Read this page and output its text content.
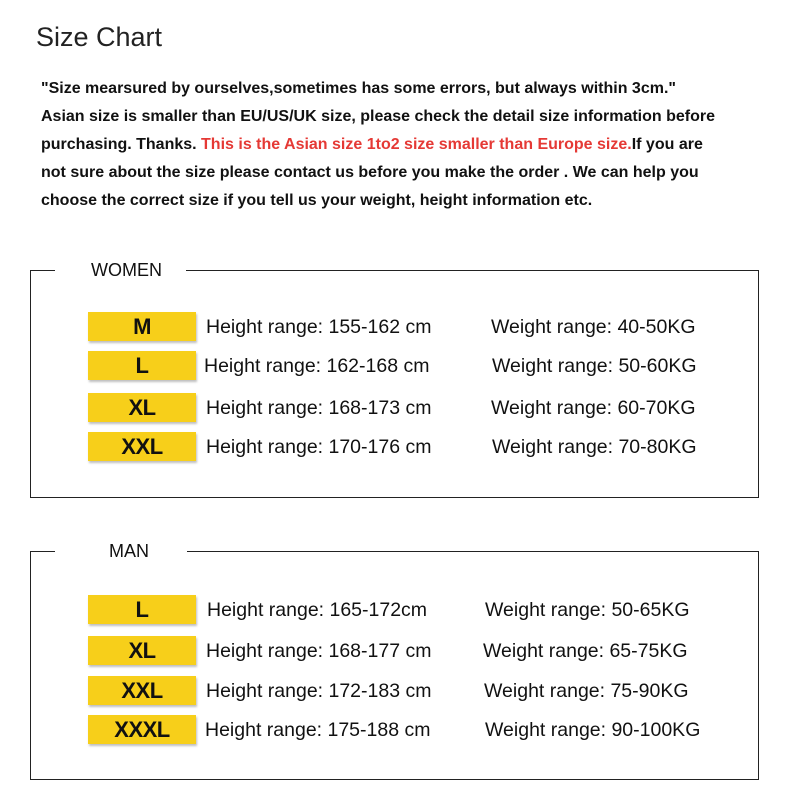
Size Chart
"Size mearsured by ourselves,sometimes has some errors, but always within 3cm."
Asian size is smaller than EU/US/UK size, please check the detail size information before
purchasing. Thanks. This is the Asian size 1to2 size smaller than Europe size.If you are
not sure about the size please contact us before you make the order . We can help you
choose the correct size if you tell us your weight, height information etc.
WOMEN
M	Height range: 155-162 cm	Weight range: 40-50KG
L	Height range: 162-168 cm	Weight range: 50-60KG
XL	Height range: 168-173 cm	Weight range: 60-70KG
XXL	Height range: 170-176 cm	Weight range: 70-80KG
MAN
L	Height range: 165-172cm	Weight range: 50-65KG
XL	Height range: 168-177 cm	Weight range: 65-75KG
XXL	Height range: 172-183 cm	Weight range: 75-90KG
XXXL	Height range: 175-188 cm	Weight range: 90-100KG
